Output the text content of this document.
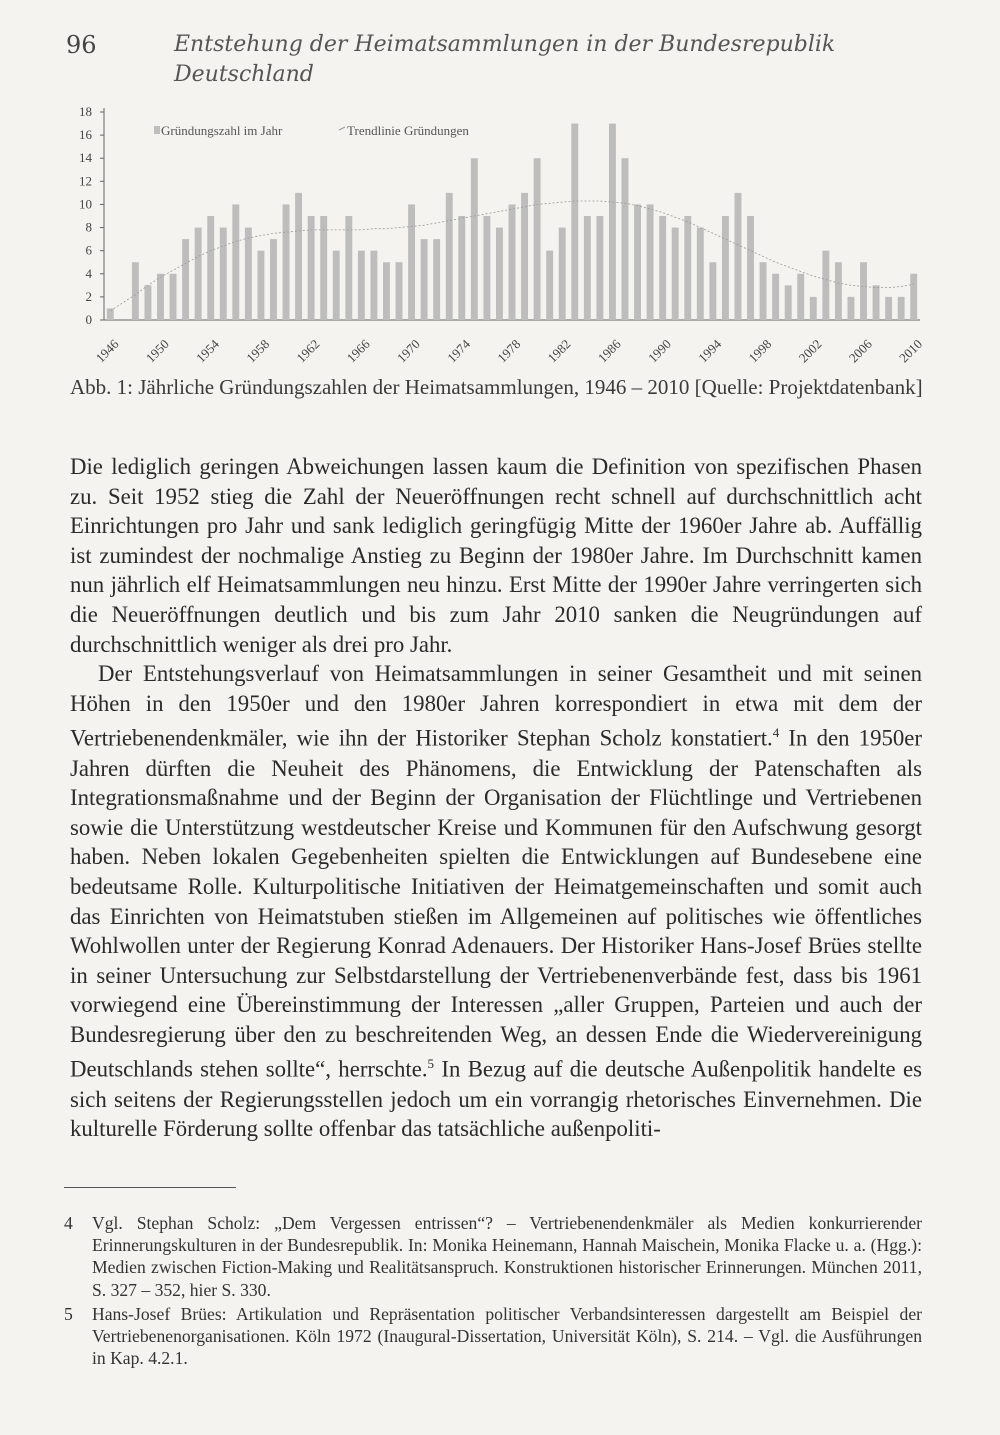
96	Entstehung der Heimatsammlungen in der Bundesrepublik Deutschland
0
2
4
6
8
10
12
14
16
18
Gründungszahl im Jahr	Trendlinie Gründungen
1946 1950 1954 1958 1962 1966 1970 1974 1978 1982 1986 1990 1994 1998 2002 2006 2010
Abb. 1: Jährliche Gründungszahlen der Heimatsammlungen, 1946 – 2010 [Quelle: Projektdatenbank]

Die lediglich geringen Abweichungen lassen kaum die Definition von spezifischen Phasen zu. Seit 1952 stieg die Zahl der Neueröffnungen recht schnell auf durchschnittlich acht Einrichtungen pro Jahr und sank lediglich geringfügig Mitte der 1960er Jahre ab. Auffällig ist zumindest der nochmalige Anstieg zu Beginn der 1980er Jahre. Im Durchschnitt kamen nun jährlich elf Heimatsammlungen neu hinzu. Erst Mitte der 1990er Jahre verringerten sich die Neueröffnungen deutlich und bis zum Jahr 2010 sanken die Neugründungen auf durchschnittlich weniger als drei pro Jahr.

Der Entstehungsverlauf von Heimatsammlungen in seiner Gesamtheit und mit seinen Höhen in den 1950er und den 1980er Jahren korrespondiert in etwa mit dem der Vertriebenendenkmäler, wie ihn der Historiker Stephan Scholz konstatiert.$^4$ In den 1950er Jahren dürften die Neuheit des Phänomens, die Entwicklung der Patenschaften als Integrationsmaßnahme und der Beginn der Organisation der Flüchtlinge und Vertriebenen sowie die Unterstützung westdeutscher Kreise und Kommunen für den Aufschwung gesorgt haben. Neben lokalen Gegebenheiten spielten die Entwicklungen auf Bundesebene eine bedeutsame Rolle. Kulturpolitische Initiativen der Heimatgemeinschaften und somit auch das Einrichten von Heimatstuben stießen im Allgemeinen auf politisches wie öffentliches Wohlwollen unter der Regierung Konrad Adenauers. Der Historiker Hans-Josef Brües stellte in seiner Untersuchung zur Selbstdarstellung der Vertriebenenverbände fest, dass bis 1961 vorwiegend eine Übereinstimmung der Interessen „aller Gruppen, Parteien und auch der Bundesregierung über den zu beschreitenden Weg, an dessen Ende die Wiedervereinigung Deutschlands stehen sollte“, herrschte.$^5$ In Bezug auf die deutsche Außenpolitik handelte es sich seitens der Regierungsstellen jedoch um ein vorrangig rhetorisches Einvernehmen. Die kulturelle Förderung sollte offenbar das tatsächliche außenpoliti-

4 Vgl. Stephan Scholz: „Dem Vergessen entrissen“? – Vertriebenendenkmäler als Medien konkurrierender Erinnerungskulturen in der Bundesrepublik. In: Monika Heinemann, Hannah Maischein, Monika Flacke u. a. (Hgg.): Medien zwischen Fiction-Making und Realitätsanspruch. Konstruktionen historischer Erinnerungen. München 2011, S. 327 – 352, hier S. 330.
5 Hans-Josef Brües: Artikulation und Repräsentation politischer Verbandsinteressen dargestellt am Beispiel der Vertriebenenorganisationen. Köln 1972 (Inaugural-Dissertation, Universität Köln), S. 214. – Vgl. die Ausführungen in Kap. 4.2.1.
